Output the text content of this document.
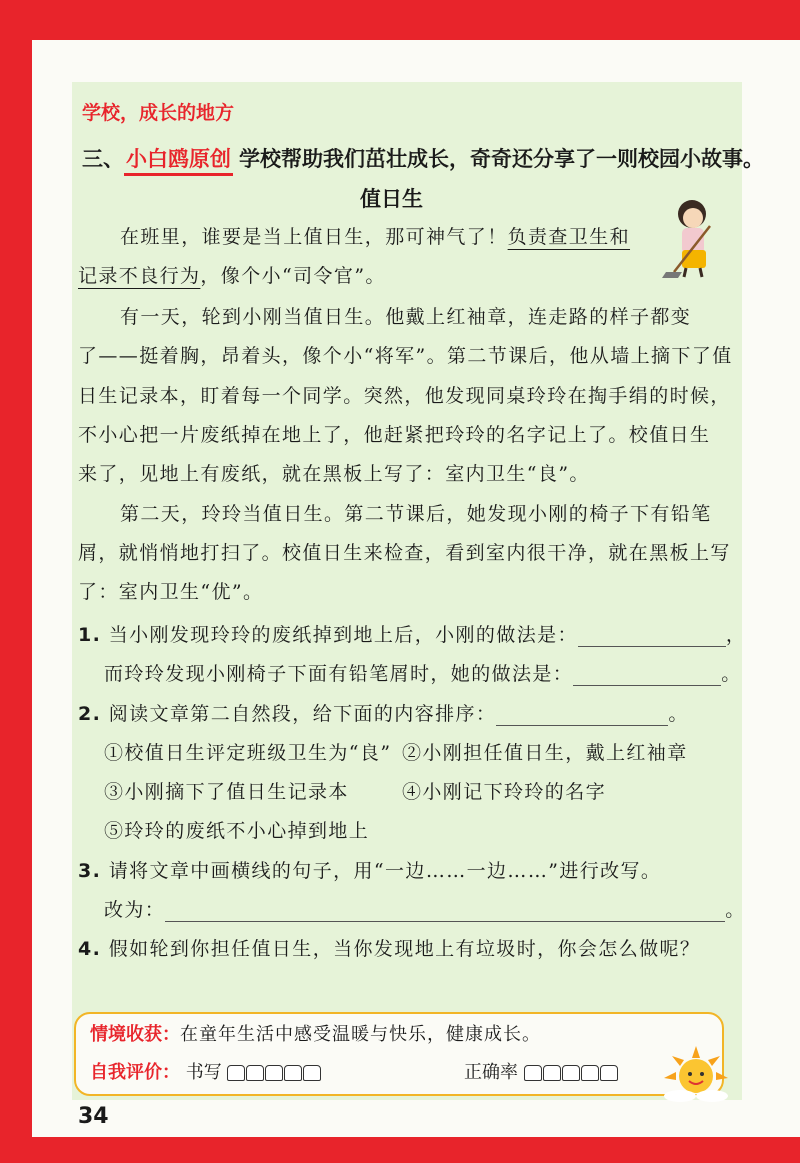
学校，成长的地方
三、小白鸥原创 学校帮助我们茁壮成长，奇奇还分享了一则校园小故事。
值日生
在班里，谁要是当上值日生，那可神气了！负责查卫生和
记录不良行为，像个小“司令官”。
有一天，轮到小刚当值日生。他戴上红袖章，连走路的样子都变
了——挺着胸，昂着头，像个小“将军”。第二节课后，他从墙上摘下了值
日生记录本，盯着每一个同学。突然，他发现同桌玲玲在掏手绢的时候，
不小心把一片废纸掉在地上了，他赶紧把玲玲的名字记上了。校值日生
来了，见地上有废纸，就在黑板上写了：室内卫生“良”。
第二天，玲玲当值日生。第二节课后，她发现小刚的椅子下有铅笔
屑，就悄悄地打扫了。校值日生来检查，看到室内很干净，就在黑板上写
了：室内卫生“优”。
1. 当小刚发现玲玲的废纸掉到地上后，小刚的做法是：	，
而玲玲发现小刚椅子下面有铅笔屑时，她的做法是：	。
2. 阅读文章第二自然段，给下面的内容排序：	。
①校值日生评定班级卫生为“良” ②小刚担任值日生，戴上红袖章
③小刚摘下了值日生记录本	④小刚记下玲玲的名字
⑤玲玲的废纸不小心掉到地上
3. 请将文章中画横线的句子，用“一边……一边……”进行改写。
改为：	。
4. 假如轮到你担任值日生，当你发现地上有垃圾时，你会怎么做呢？
情境收获：在童年生活中感受温暖与快乐，健康成长。
自我评价： 书写	正确率
34
